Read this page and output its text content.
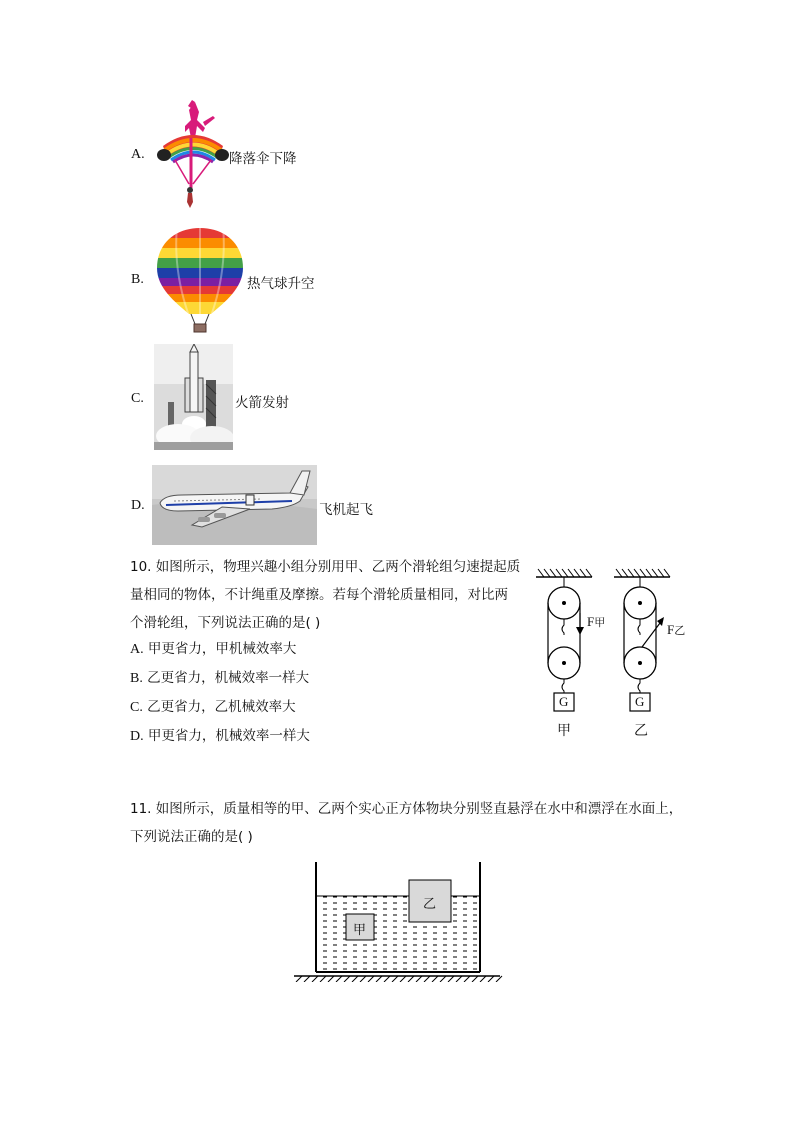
A.	降落伞下降
B.	热气球升空
C.	火箭发射
D.	飞机起飞
10. 如图所示，物理兴趣小组分别用甲、乙两个滑轮组匀速提起质
量相同的物体，不计绳重及摩擦。若每个滑轮质量相同，对比两
个滑轮组，下列说法正确的是( )
A. 甲更省力，甲机械效率大
B. 乙更省力，机械效率一样大
C. 乙更省力，乙机械效率大
D. 甲更省力，机械效率一样大
F甲	F乙
G	G
甲	乙
11. 如图所示，质量相等的甲、乙两个实心正方体物块分别竖直悬浮在水中和漂浮在水面上，
下列说法正确的是( )
甲
乙
